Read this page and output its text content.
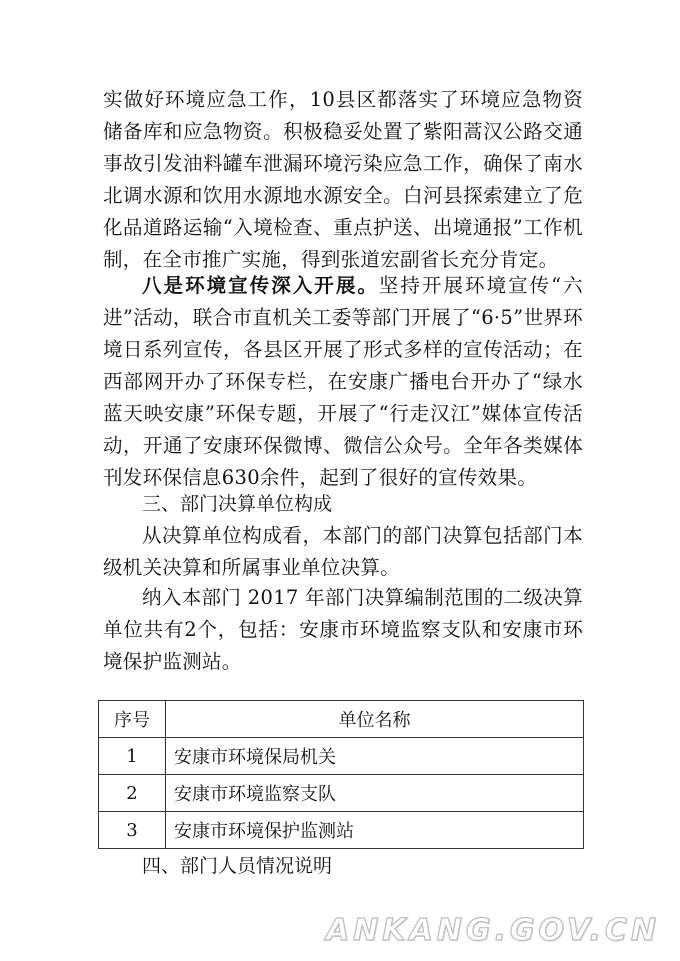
实做好环境应急工作，10县区都落实了环境应急物资储备库和应急物资。积极稳妥处置了紫阳蒿汉公路交通事故引发油料罐车泄漏环境污染应急工作，确保了南水北调水源和饮用水源地水源安全。白河县探索建立了危化品道路运输“入境检查、重点护送、出境通报”工作机制，在全市推广实施，得到张道宏副省长充分肯定。

八是环境宣传深入开展。坚持开展环境宣传“六进”活动，联合市直机关工委等部门开展了“6·5”世界环境日系列宣传，各县区开展了形式多样的宣传活动；在西部网开办了环保专栏，在安康广播电台开办了“绿水蓝天映安康”环保专题，开展了“行走汉江”媒体宣传活动，开通了安康环保微博、微信公众号。全年各类媒体刊发环保信息630余件，起到了很好的宣传效果。

三、部门决算单位构成

从决算单位构成看，本部门的部门决算包括部门本级机关决算和所属事业单位决算。

纳入本部门 2017 年部门决算编制范围的二级决算单位共有2个，包括：安康市环境监察支队和安康市环境保护监测站。

序号	单位名称
1	安康市环境保局机关
2	安康市环境监察支队
3	安康市环境保护监测站
四、部门人员情况说明
ANKANG.GOV.CN
